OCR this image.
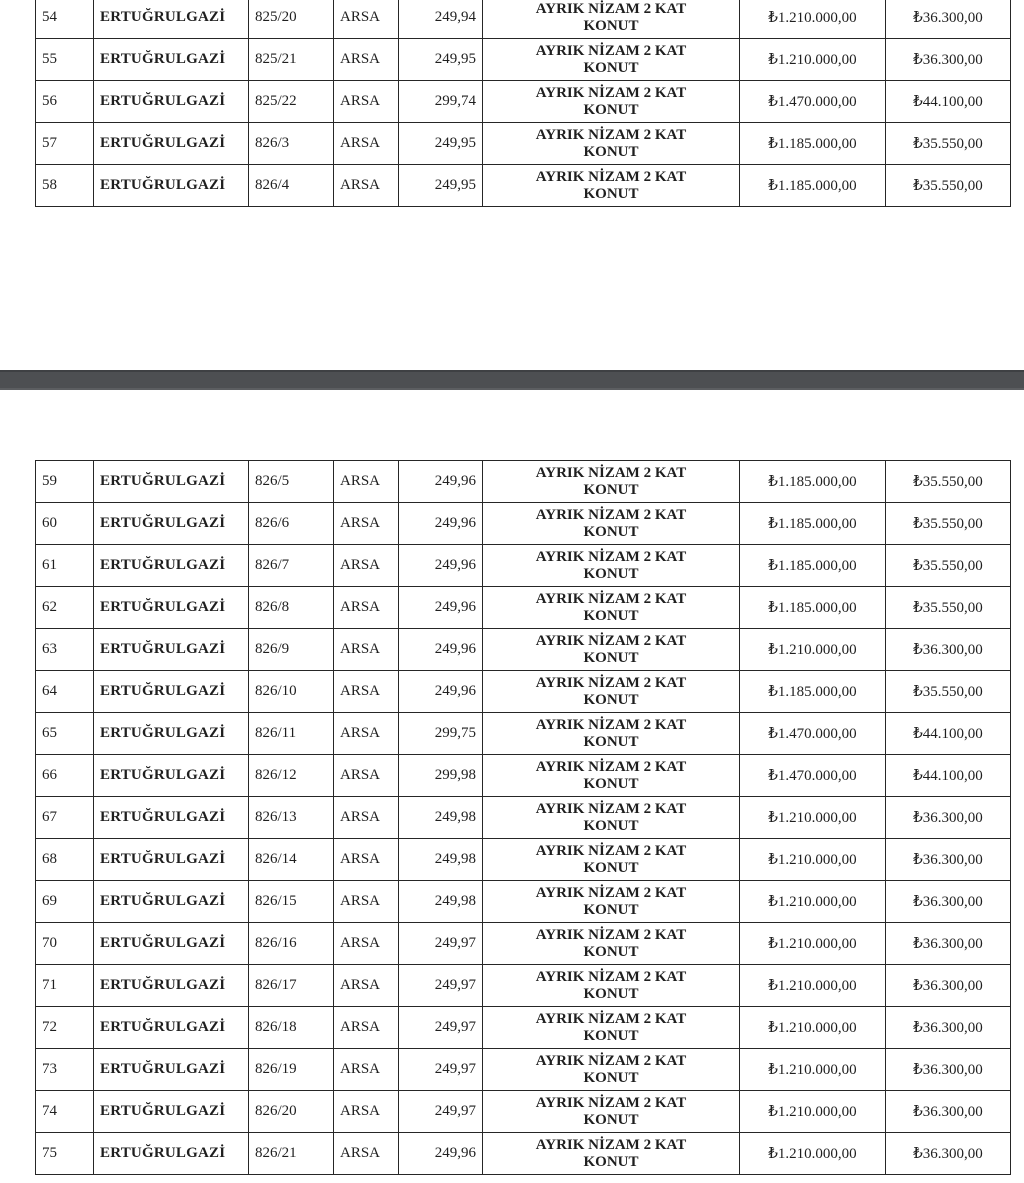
54	ERTUĞRULGAZİ	825/20	ARSA	249,94	AYRIK NİZAM 2 KAT
KONUT	₺1.210.000,00	₺36.300,00
55	ERTUĞRULGAZİ	825/21	ARSA	249,95	AYRIK NİZAM 2 KAT
KONUT	₺1.210.000,00	₺36.300,00
56	ERTUĞRULGAZİ	825/22	ARSA	299,74	AYRIK NİZAM 2 KAT
KONUT	₺1.470.000,00	₺44.100,00
57	ERTUĞRULGAZİ	826/3	ARSA	249,95	AYRIK NİZAM 2 KAT
KONUT	₺1.185.000,00	₺35.550,00
58	ERTUĞRULGAZİ	826/4	ARSA	249,95	AYRIK NİZAM 2 KAT
KONUT	₺1.185.000,00	₺35.550,00
59	ERTUĞRULGAZİ	826/5	ARSA	249,96	AYRIK NİZAM 2 KAT
KONUT	₺1.185.000,00	₺35.550,00
60	ERTUĞRULGAZİ	826/6	ARSA	249,96	AYRIK NİZAM 2 KAT
KONUT	₺1.185.000,00	₺35.550,00
61	ERTUĞRULGAZİ	826/7	ARSA	249,96	AYRIK NİZAM 2 KAT
KONUT	₺1.185.000,00	₺35.550,00
62	ERTUĞRULGAZİ	826/8	ARSA	249,96	AYRIK NİZAM 2 KAT
KONUT	₺1.185.000,00	₺35.550,00
63	ERTUĞRULGAZİ	826/9	ARSA	249,96	AYRIK NİZAM 2 KAT
KONUT	₺1.210.000,00	₺36.300,00
64	ERTUĞRULGAZİ	826/10	ARSA	249,96	AYRIK NİZAM 2 KAT
KONUT	₺1.185.000,00	₺35.550,00
65	ERTUĞRULGAZİ	826/11	ARSA	299,75	AYRIK NİZAM 2 KAT
KONUT	₺1.470.000,00	₺44.100,00
66	ERTUĞRULGAZİ	826/12	ARSA	299,98	AYRIK NİZAM 2 KAT
KONUT	₺1.470.000,00	₺44.100,00
67	ERTUĞRULGAZİ	826/13	ARSA	249,98	AYRIK NİZAM 2 KAT
KONUT	₺1.210.000,00	₺36.300,00
68	ERTUĞRULGAZİ	826/14	ARSA	249,98	AYRIK NİZAM 2 KAT
KONUT	₺1.210.000,00	₺36.300,00
69	ERTUĞRULGAZİ	826/15	ARSA	249,98	AYRIK NİZAM 2 KAT
KONUT	₺1.210.000,00	₺36.300,00
70	ERTUĞRULGAZİ	826/16	ARSA	249,97	AYRIK NİZAM 2 KAT
KONUT	₺1.210.000,00	₺36.300,00
71	ERTUĞRULGAZİ	826/17	ARSA	249,97	AYRIK NİZAM 2 KAT
KONUT	₺1.210.000,00	₺36.300,00
72	ERTUĞRULGAZİ	826/18	ARSA	249,97	AYRIK NİZAM 2 KAT
KONUT	₺1.210.000,00	₺36.300,00
73	ERTUĞRULGAZİ	826/19	ARSA	249,97	AYRIK NİZAM 2 KAT
KONUT	₺1.210.000,00	₺36.300,00
74	ERTUĞRULGAZİ	826/20	ARSA	249,97	AYRIK NİZAM 2 KAT
KONUT	₺1.210.000,00	₺36.300,00
75	ERTUĞRULGAZİ	826/21	ARSA	249,96	AYRIK NİZAM 2 KAT
KONUT	₺1.210.000,00	₺36.300,00
